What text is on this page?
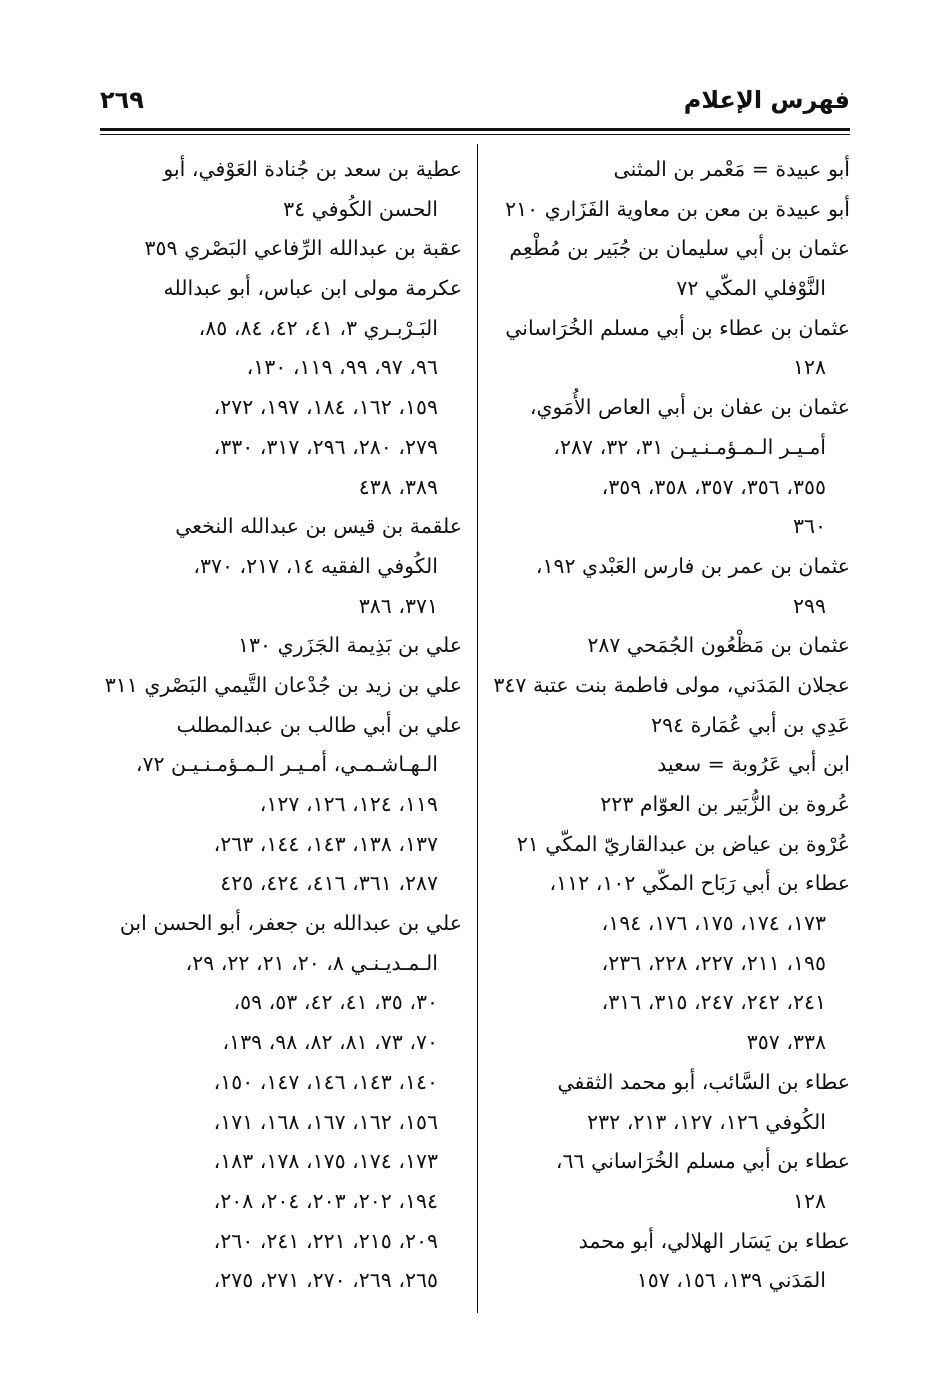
فهرس الإعلام
٢٦٩
أبو عبيدة = مَعْمر بن المثنى
أبو عبيدة بن معن بن معاوية الفَزَاري ٢١٠
عثمان بن أبي سليمان بن جُبَير بن مُطْعِم
النَّوْفلي المكّي ٧٢
عثمان بن عطاء بن أبي مسلم الخُرَاساني
١٢٨
عثمان بن عفان بن أبي العاص الأُمَوي،
أمـيـر الـمـؤمـنـيـن ٣١، ٣٢، ٢٨٧،
٣٥٥، ٣٥٦، ٣٥٧، ٣٥٨، ٣٥٩،
٣٦٠
عثمان بن عمر بن فارس العَبْدي ١٩٢،
٢٩٩
عثمان بن مَظْعُون الجُمَحي ٢٨٧
عجلان المَدَني، مولى فاطمة بنت عتبة ٣٤٧
عَدِي بن أبي عُمَارة ٢٩٤
ابن أبي عَرُوبة = سعيد
عُروة بن الزُّبَير بن العوّام ٢٢٣
عُرْوة بن عياض بن عبدالقاريّ المكّي ٢١
عطاء بن أبي رَبَاح المكّي ١٠٢، ١١٢،
١٧٣، ١٧٤، ١٧٥، ١٧٦، ١٩٤،
١٩٥، ٢١١، ٢٢٧، ٢٢٨، ٢٣٦،
٢٤١، ٢٤٢، ٢٤٧، ٣١٥، ٣١٦،
٣٣٨، ٣٥٧
عطاء بن السَّائب، أبو محمد الثقفي
الكُوفي ١٢٦، ١٢٧، ٢١٣، ٢٣٢
عطاء بن أبي مسلم الخُرَاساني ٦٦،
١٢٨
عطاء بن يَسَار الهلالي، أبو محمد
المَدَني ١٣٩، ١٥٦، ١٥٧
عطية بن سعد بن جُنادة العَوْفي، أبو
الحسن الكُوفي ٣٤
عقبة بن عبدالله الرِّفاعي البَصْري ٣٥٩
عكرمة مولى ابن عباس، أبو عبدالله
البَـرْبـري ٣، ٤١، ٤٢، ٨٤، ٨٥،
٩٦، ٩٧، ٩٩، ١١٩، ١٣٠،
١٥٩، ١٦٢، ١٨٤، ١٩٧، ٢٧٢،
٢٧٩، ٢٨٠، ٢٩٦، ٣١٧، ٣٣٠،
٣٨٩، ٤٣٨
علقمة بن قيس بن عبدالله النخعي
الكُوفي الفقيه ١٤، ٢١٧، ٣٧٠،
٣٧١، ٣٨٦
علي بن بَذِيمة الجَزَري ١٣٠
علي بن زيد بن جُدْعان التَّيمي البَصْري ٣١١
علي بن أبي طالب بن عبدالمطلب
الـهـاشـمـي، أمـيـر الـمـؤمـنـيـن ٧٢،
١١٩، ١٢٤، ١٢٦، ١٢٧،
١٣٧، ١٣٨، ١٤٣، ١٤٤، ٢٦٣،
٢٨٧، ٣٦١، ٤١٦، ٤٢٤، ٤٢٥
علي بن عبدالله بن جعفر، أبو الحسن ابن
الـمـديـنـي ٨، ٢٠، ٢١، ٢٢، ٢٩،
٣٠، ٣٥، ٤١، ٤٢، ٥٣، ٥٩،
٧٠، ٧٣، ٨١، ٨٢، ٩٨، ١٣٩،
١٤٠، ١٤٣، ١٤٦، ١٤٧، ١٥٠،
١٥٦، ١٦٢، ١٦٧، ١٦٨، ١٧١،
١٧٣، ١٧٤، ١٧٥، ١٧٨، ١٨٣،
١٩٤، ٢٠٢، ٢٠٣، ٢٠٤، ٢٠٨،
٢٠٩، ٢١٥، ٢٢١، ٢٤١، ٢٦٠،
٢٦٥، ٢٦٩، ٢٧٠، ٢٧١، ٢٧٥،
